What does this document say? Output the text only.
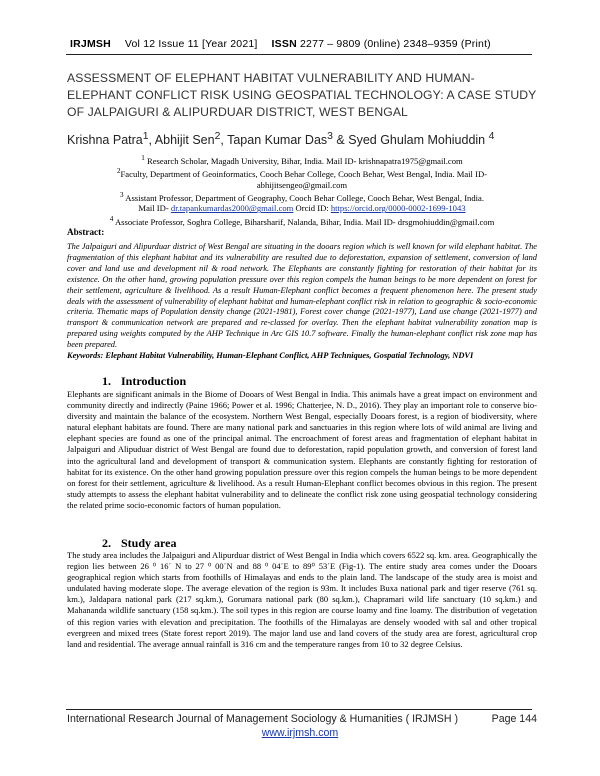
IRJMSH Vol 12 Issue 11 [Year 2021] ISSN 2277 – 9809 (0nline) 2348–9359 (Print)
ASSESSMENT OF ELEPHANT HABITAT VULNERABILITY AND HUMAN-ELEPHANT CONFLICT RISK USING GEOSPATIAL TECHNOLOGY: A CASE STUDY OF JALPAIGURI & ALIPURDUAR DISTRICT, WEST BENGAL
Krishna Patra$^1$, Abhijit Sen$^2$, Tapan Kumar Das$^3$ & Syed Ghulam Mohiuddin $^4$
$^1$ Research Scholar, Magadh University, Bihar, India. Mail ID- krishnapatra1975@gmail.com
$^2$Faculty, Department of Geoinformatics, Cooch Behar College, Cooch Behar, West Bengal, India. Mail ID-
abhijitsengeo@gmail.com
$^3$ Assistant Professor, Department of Geography, Cooch Behar College, Cooch Behar, West Bengal, India.
Mail ID- dr.tapankumardas2000@gmail.com Orcid ID: https://orcid.org/0000-0002-1699-1043
$^4$ Associate Professor, Soghra College, Biharsharif, Nalanda, Bihar, India. Mail ID- drsgmohiuddin@gmail.com
Abstract:
The Jalpaiguri and Alipurduar district of West Bengal are situating in the dooars region which is well known for wild elephant habitat. The fragmentation of this elephant habitat and its vulnerability are resulted due to deforestation, expansion of settlement, conversion of land cover and land use and development nil & road network. The Elephants are constantly fighting for restoration of their habitat for its existence. On the other hand, growing population pressure over this region compels the human beings to be more dependent on forest for their settlement, agriculture & livelihood. As a result Human-Elephant conflict becomes a frequent phenomenon here. The present study deals with the assessment of vulnerability of elephant habitat and human-elephant conflict risk in relation to geographic & socio-economic criteria. Thematic maps of Population density change (2021-1981), Forest cover change (2021-1977), Land use change (2021-1977) and transport & communication network are prepared and re-classed for overlay. Then the elephant habitat vulnerability zonation map is prepared using weights computed by the AHP Technique in Arc GIS 10.7 software. Finally the human-elephant conflict risk zone map has been prepared.
Keywords: Elephant Habitat Vulnerability, Human-Elephant Conflict, AHP Techniques, Gospatial Technology, NDVI
1. Introduction
Elephants are significant animals in the Biome of Dooars of West Bengal in India. This animals have a great impact on environment and community directly and indirectly (Paine 1966; Power et al. 1996; Chatterjee, N. D., 2016). They play an important role to conserve bio-diversity and maintain the balance of the ecosystem. Northern West Bengal, especially Dooars forest, is a region of biodiversity, where natural elephant habitats are found. There are many national park and sanctuaries in this region where lots of wild animal are living and elephant species are found as one of the principal animal. The encroachment of forest areas and fragmentation of elephant habitat in Jalpaiguri and Alipuduar district of West Bengal are found due to deforestation, rapid population growth, and conversion of forest land into the agricultural land and development of transport & communication system. Elephants are constantly fighting for restoration of habitat for its existence. On the other hand growing population pressure over this region compels the human beings to be more dependent on forest for their settlement, agriculture & livelihood. As a result Human-Elephant conflict becomes obvious in this region. The present study attempts to assess the elephant habitat vulnerability and to delineate the conflict risk zone using geospatial technology considering the related prime socio-economic factors of human population.
2. Study area
The study area includes the Jalpaiguri and Alipurduar district of West Bengal in India which covers 6522 sq. km. area. Geographically the region lies between 26 ⁰ 16΄ N to 27 ⁰ 00΄N and 88 ⁰ 04΄E to 89⁰ 53΄E (Fig-1). The entire study area comes under the Dooars geographical region which starts from foothills of Himalayas and ends to the plain land. The landscape of the study area is moist and undulated having moderate slope. The average elevation of the region is 93m. It includes Buxa national park and tiger reserve (761 sq. km.), Jaldapara national park (217 sq.km.), Gorumara national park (80 sq.km.), Chapramari wild life sanctuary (10 sq.km.) and Mahananda wildlife sanctuary (158 sq.km.). The soil types in this region are course loamy and fine loamy. The distribution of vegetation of this region varies with elevation and precipitation. The foothills of the Himalayas are densely wooded with sal and other tropical evergreen and mixed trees (State forest report 2019). The major land use and land covers of the study area are forest, agricultural crop land and residential. The average annual rainfall is 316 cm and the temperature ranges from 10 to 32 degree Celsius.
International Research Journal of Management Sociology & Humanities ( IRJMSH )	Page 144
www.irjmsh.com
